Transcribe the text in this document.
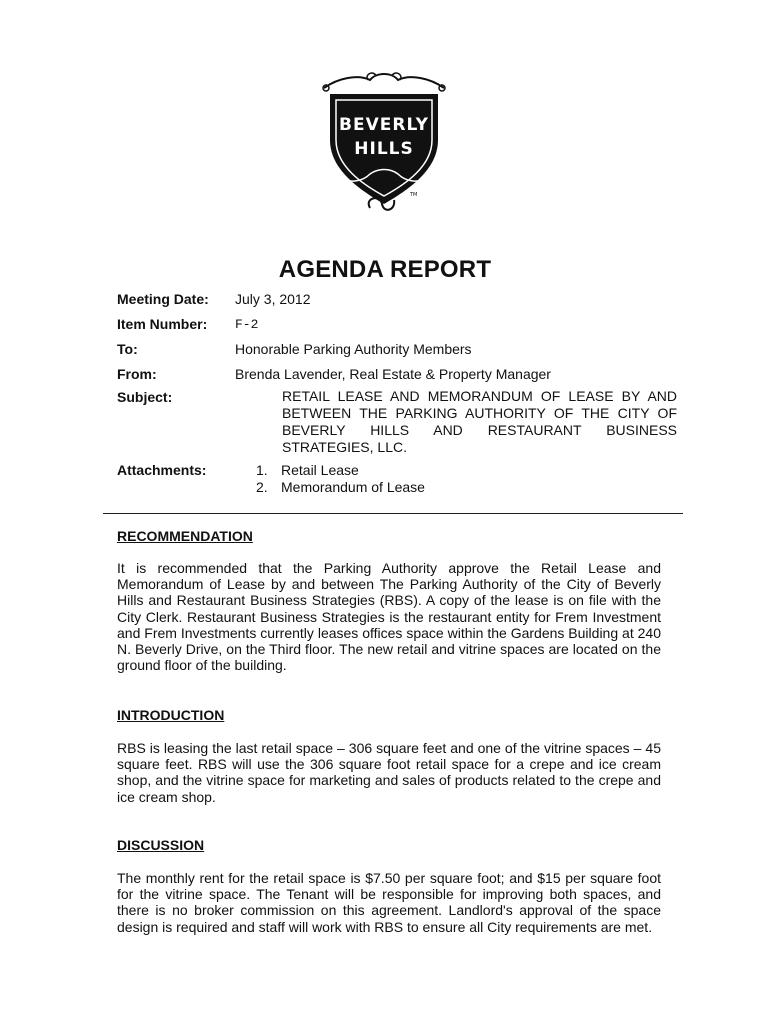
BEVERLY
HILLS
TM
AGENDA REPORT
Meeting Date: July 3, 2012
Item Number: F-2
To:	Honorable Parking Authority Members
From:	Brenda Lavender, Real Estate & Property Manager
Subject:	RETAIL LEASE AND MEMORANDUM OF LEASE BY AND BETWEEN THE PARKING AUTHORITY OF THE CITY OF BEVERLY HILLS AND RESTAURANT BUSINESS STRATEGIES, LLC.
Attachments:	1. Retail Lease
2. Memorandum of Lease
RECOMMENDATION
It is recommended that the Parking Authority approve the Retail Lease and Memorandum of Lease by and between The Parking Authority of the City of Beverly Hills and Restaurant Business Strategies (RBS). A copy of the lease is on file with the City Clerk. Restaurant Business Strategies is the restaurant entity for Frem Investment and Frem Investments currently leases offices space within the Gardens Building at 240 N. Beverly Drive, on the Third floor. The new retail and vitrine spaces are located on the ground floor of the building.
INTRODUCTION
RBS is leasing the last retail space – 306 square feet and one of the vitrine spaces – 45 square feet. RBS will use the 306 square foot retail space for a crepe and ice cream shop, and the vitrine space for marketing and sales of products related to the crepe and ice cream shop.
DISCUSSION
The monthly rent for the retail space is $7.50 per square foot; and $15 per square foot for the vitrine space. The Tenant will be responsible for improving both spaces, and there is no broker commission on this agreement. Landlord's approval of the space design is required and staff will work with RBS to ensure all City requirements are met.
